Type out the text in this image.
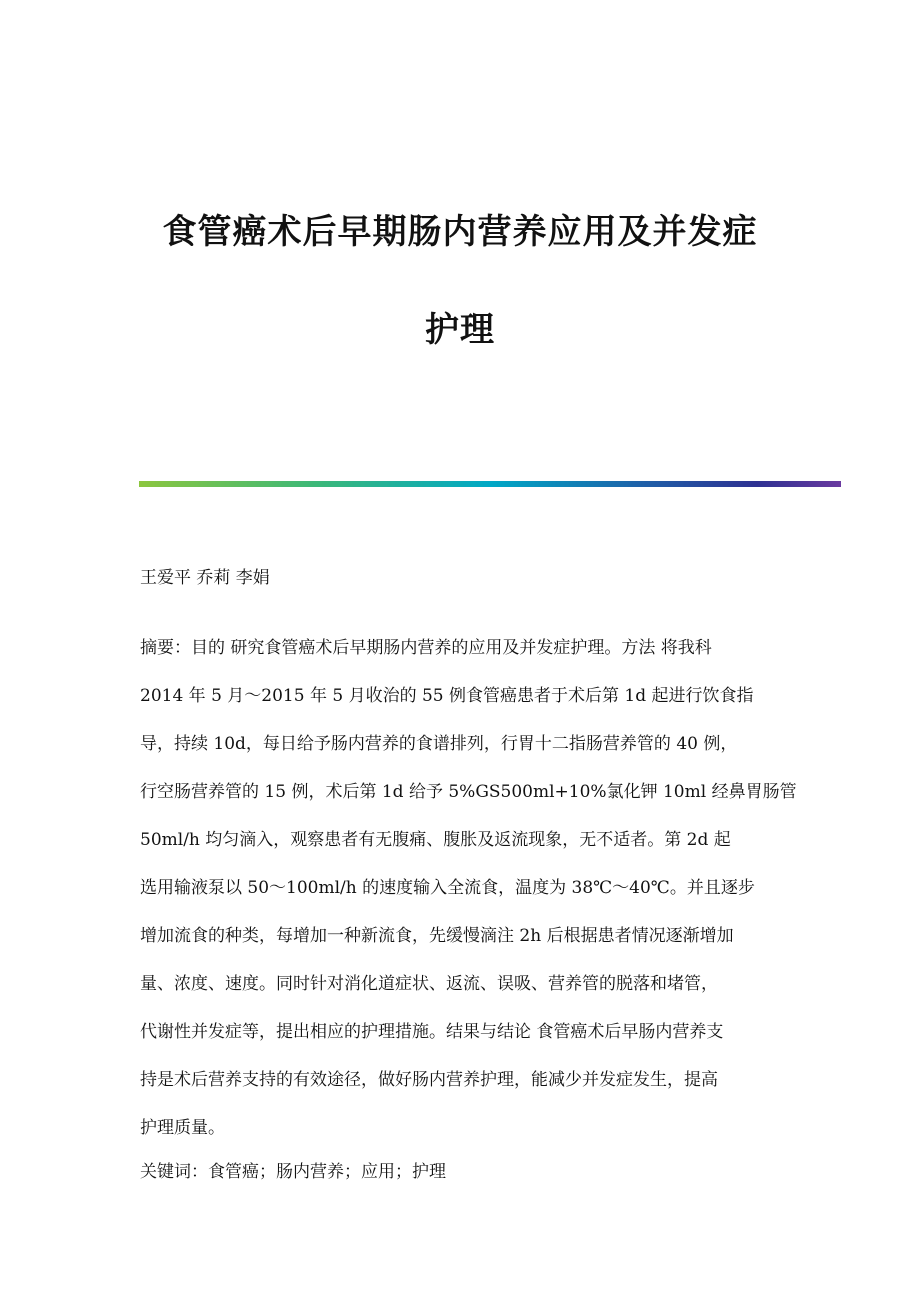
食管癌术后早期肠内营养应用及并发症
护理
王爱平 乔莉 李娟
摘要：目的 研究食管癌术后早期肠内营养的应用及并发症护理。方法 将我科
2014 年 5 月～2015 年 5 月收治的 55 例食管癌患者于术后第 1d 起进行饮食指
导，持续 10d，每日给予肠内营养的食谱排列，行胃十二指肠营养管的 40 例，
行空肠营养管的 15 例，术后第 1d 给予 5%GS500ml+10%氯化钾 10ml 经鼻胃肠管
50ml/h 均匀滴入，观察患者有无腹痛、腹胀及返流现象，无不适者。第 2d 起
选用输液泵以 50～100ml/h 的速度输入全流食，温度为 38℃～40℃。并且逐步
增加流食的种类，每增加一种新流食，先缓慢滴注 2h 后根据患者情况逐渐增加
量、浓度、速度。同时针对消化道症状、返流、误吸、营养管的脱落和堵管，
代谢性并发症等，提出相应的护理措施。结果与结论 食管癌术后早肠内营养支
持是术后营养支持的有效途径，做好肠内营养护理，能减少并发症发生，提高
护理质量。
关键词：食管癌；肠内营养；应用；护理
